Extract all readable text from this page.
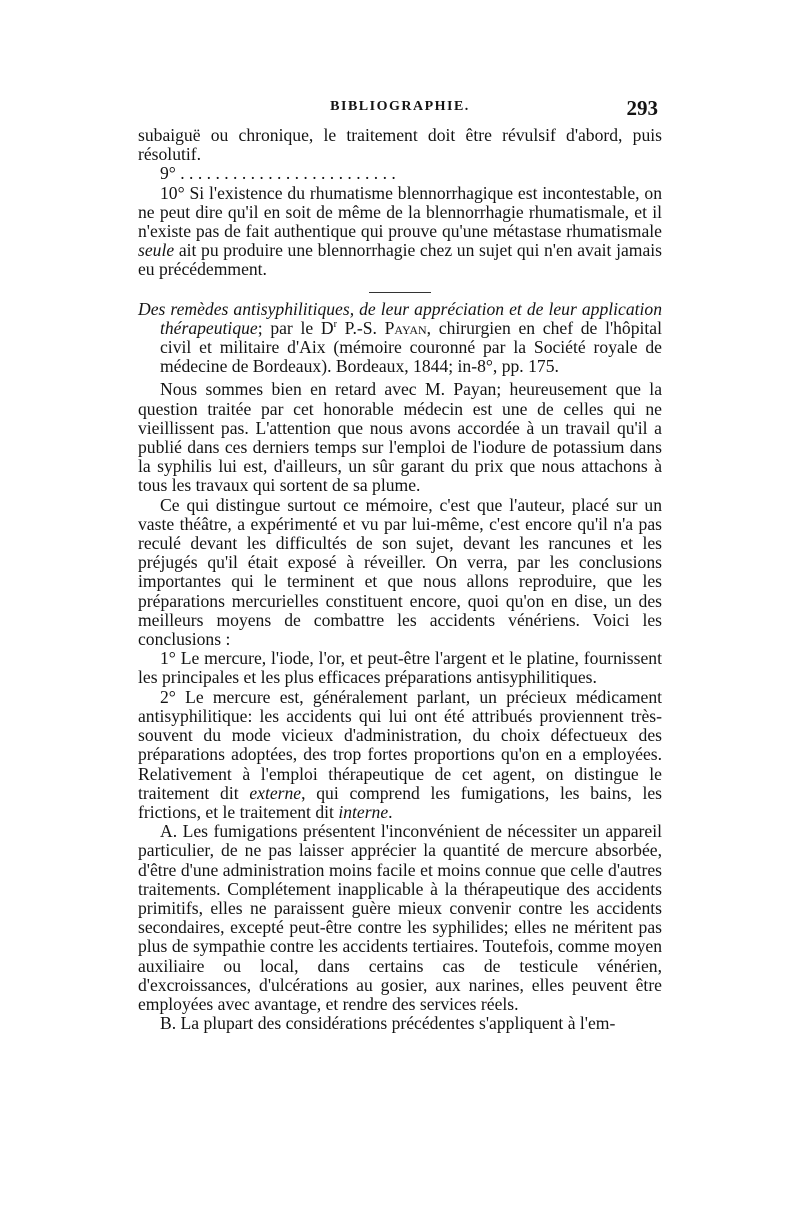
BIBLIOGRAPHIE.	293

subaiguë ou chronique, le traitement doit être révulsif d'abord, puis résolutif.

9° . . . . . . . . . . . . . . . . . . . . . . . . .

10° Si l'existence du rhumatisme blennorrhagique est incontestable, on ne peut dire qu'il en soit de même de la blennorrhagie rhumatismale, et il n'existe pas de fait authentique qui prouve qu'une métastase rhumatismale seule ait pu produire une blennorrhagie chez un sujet qui n'en avait jamais eu précédemment.

Des remèdes antisyphilitiques, de leur appréciation et de leur application thérapeutique; par le $D^r$ P.-S. Payan, chirurgien en chef de l'hôpital civil et militaire d'Aix (mémoire couronné par la Société royale de médecine de Bordeaux). Bordeaux, 1844; in-8°, pp. 175.

Nous sommes bien en retard avec M. Payan; heureusement que la question traitée par cet honorable médecin est une de celles qui ne vieillissent pas. L'attention que nous avons accordée à un travail qu'il a publié dans ces derniers temps sur l'emploi de l'iodure de potassium dans la syphilis lui est, d'ailleurs, un sûr garant du prix que nous attachons à tous les travaux qui sortent de sa plume.

Ce qui distingue surtout ce mémoire, c'est que l'auteur, placé sur un vaste théâtre, a expérimenté et vu par lui-même, c'est encore qu'il n'a pas reculé devant les difficultés de son sujet, devant les rancunes et les préjugés qu'il était exposé à réveiller. On verra, par les conclusions importantes qui le terminent et que nous allons reproduire, que les préparations mercurielles constituent encore, quoi qu'on en dise, un des meilleurs moyens de combattre les accidents vénériens. Voici les conclusions :

1° Le mercure, l'iode, l'or, et peut-être l'argent et le platine, fournissent les principales et les plus efficaces préparations antisyphilitiques.

2° Le mercure est, généralement parlant, un précieux médicament antisyphilitique: les accidents qui lui ont été attribués proviennent très-souvent du mode vicieux d'administration, du choix défectueux des préparations adoptées, des trop fortes proportions qu'on en a employées. Relativement à l'emploi thérapeutique de cet agent, on distingue le traitement dit externe, qui comprend les fumigations, les bains, les frictions, et le traitement dit interne.

A. Les fumigations présentent l'inconvénient de nécessiter un appareil particulier, de ne pas laisser apprécier la quantité de mercure absorbée, d'être d'une administration moins facile et moins connue que celle d'autres traitements. Complétement inapplicable à la thérapeutique des accidents primitifs, elles ne paraissent guère mieux convenir contre les accidents secondaires, excepté peut-être contre les syphilides; elles ne méritent pas plus de sympathie contre les accidents tertiaires. Toutefois, comme moyen auxiliaire ou local, dans certains cas de testicule vénérien, d'excroissances, d'ulcérations au gosier, aux narines, elles peuvent être employées avec avantage, et rendre des services réels.

B. La plupart des considérations précédentes s'appliquent à l'em-
